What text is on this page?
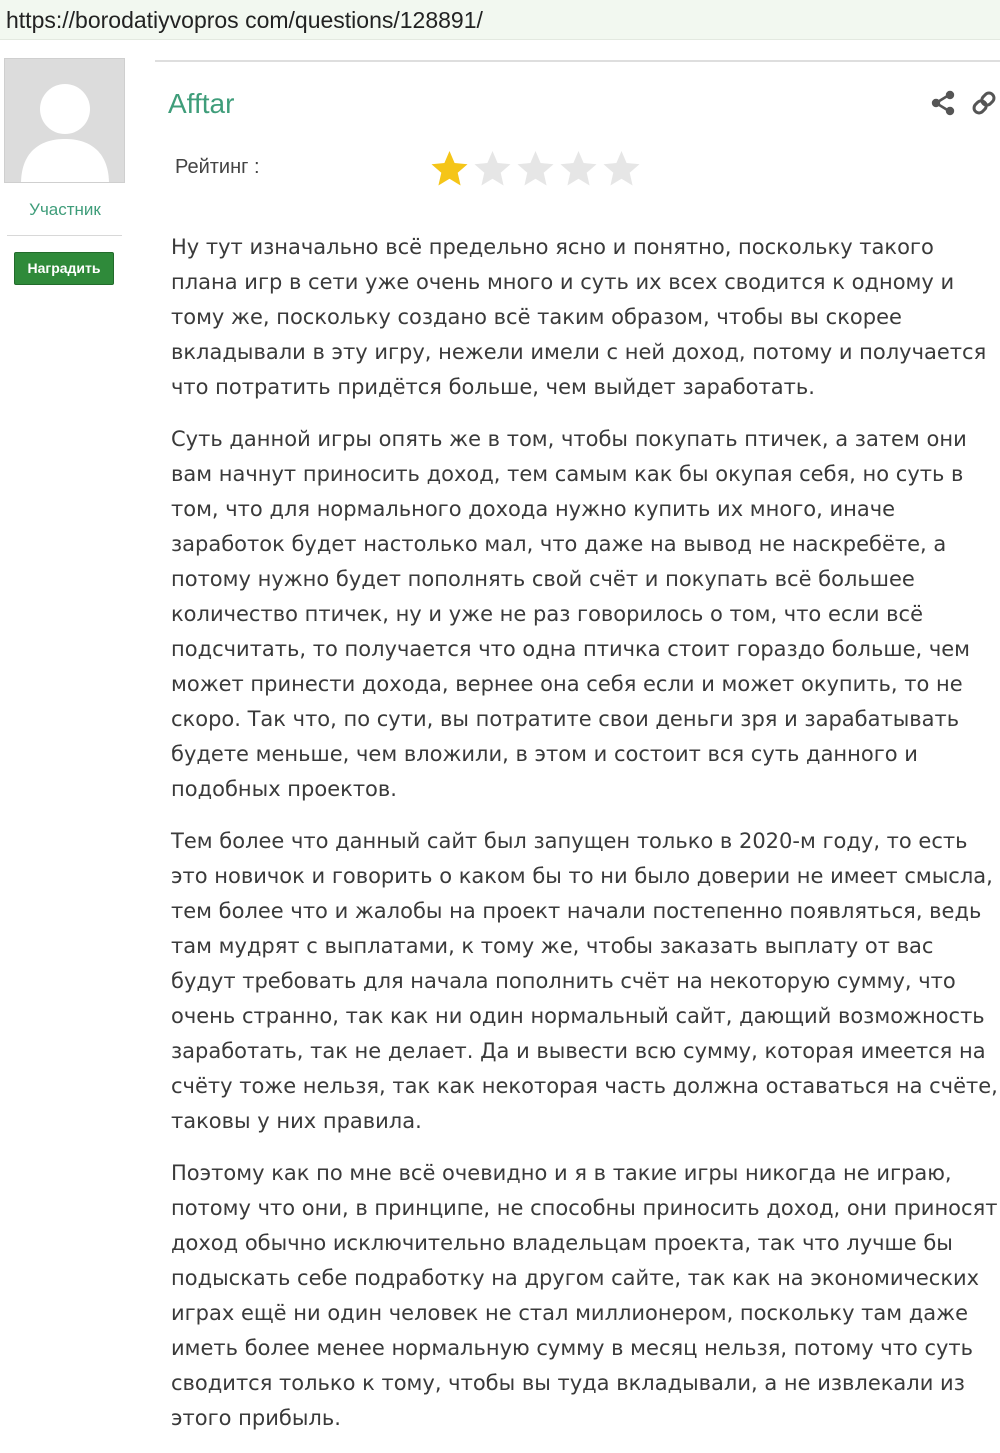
https://borodatiyvopros com/questions/128891/
Участник
Наградить
Afftar
Рейтинг :

Ну тут изначально всё предельно ясно и понятно, поскольку такого плана игр в сети уже очень много и суть их всех сводится к одному и тому же, поскольку создано всё таким образом, чтобы вы скорее вкладывали в эту игру, нежели имели с ней доход, потому и получается что потратить придётся больше, чем выйдет заработать.

Суть данной игры опять же в том, чтобы покупать птичек, а затем они вам начнут приносить доход, тем самым как бы окупая себя, но суть в том, что для нормального дохода нужно купить их много, иначе заработок будет настолько мал, что даже на вывод не наскребёте, а потому нужно будет пополнять свой счёт и покупать всё большее количество птичек, ну и уже не раз говорилось о том, что если всё подсчитать, то получается что одна птичка стоит гораздо больше, чем может принести дохода, вернее она себя если и может окупить, то не скоро. Так что, по сути, вы потратите свои деньги зря и зарабатывать будете меньше, чем вложили, в этом и состоит вся суть данного и подобных проектов.

Тем более что данный сайт был запущен только в 2020-м году, то есть это новичок и говорить о каком бы то ни было доверии не имеет смысла, тем более что и жалобы на проект начали постепенно появляться, ведь там мудрят с выплатами, к тому же, чтобы заказать выплату от вас будут требовать для начала пополнить счёт на некоторую сумму, что очень странно, так как ни один нормальный сайт, дающий возможность заработать, так не делает. Да и вывести всю сумму, которая имеется на счёту тоже нельзя, так как некоторая часть должна оставаться на счёте, таковы у них правила.

Поэтому как по мне всё очевидно и я в такие игры никогда не играю, потому что они, в принципе, не способны приносить доход, они приносят доход обычно исключительно владельцам проекта, так что лучше бы подыскать себе подработку на другом сайте, так как на экономических играх ещё ни один человек не стал миллионером, поскольку там даже иметь более менее нормальную сумму в месяц нельзя, потому что суть сводится только к тому, чтобы вы туда вкладывали, а не извлекали из этого прибыль.
